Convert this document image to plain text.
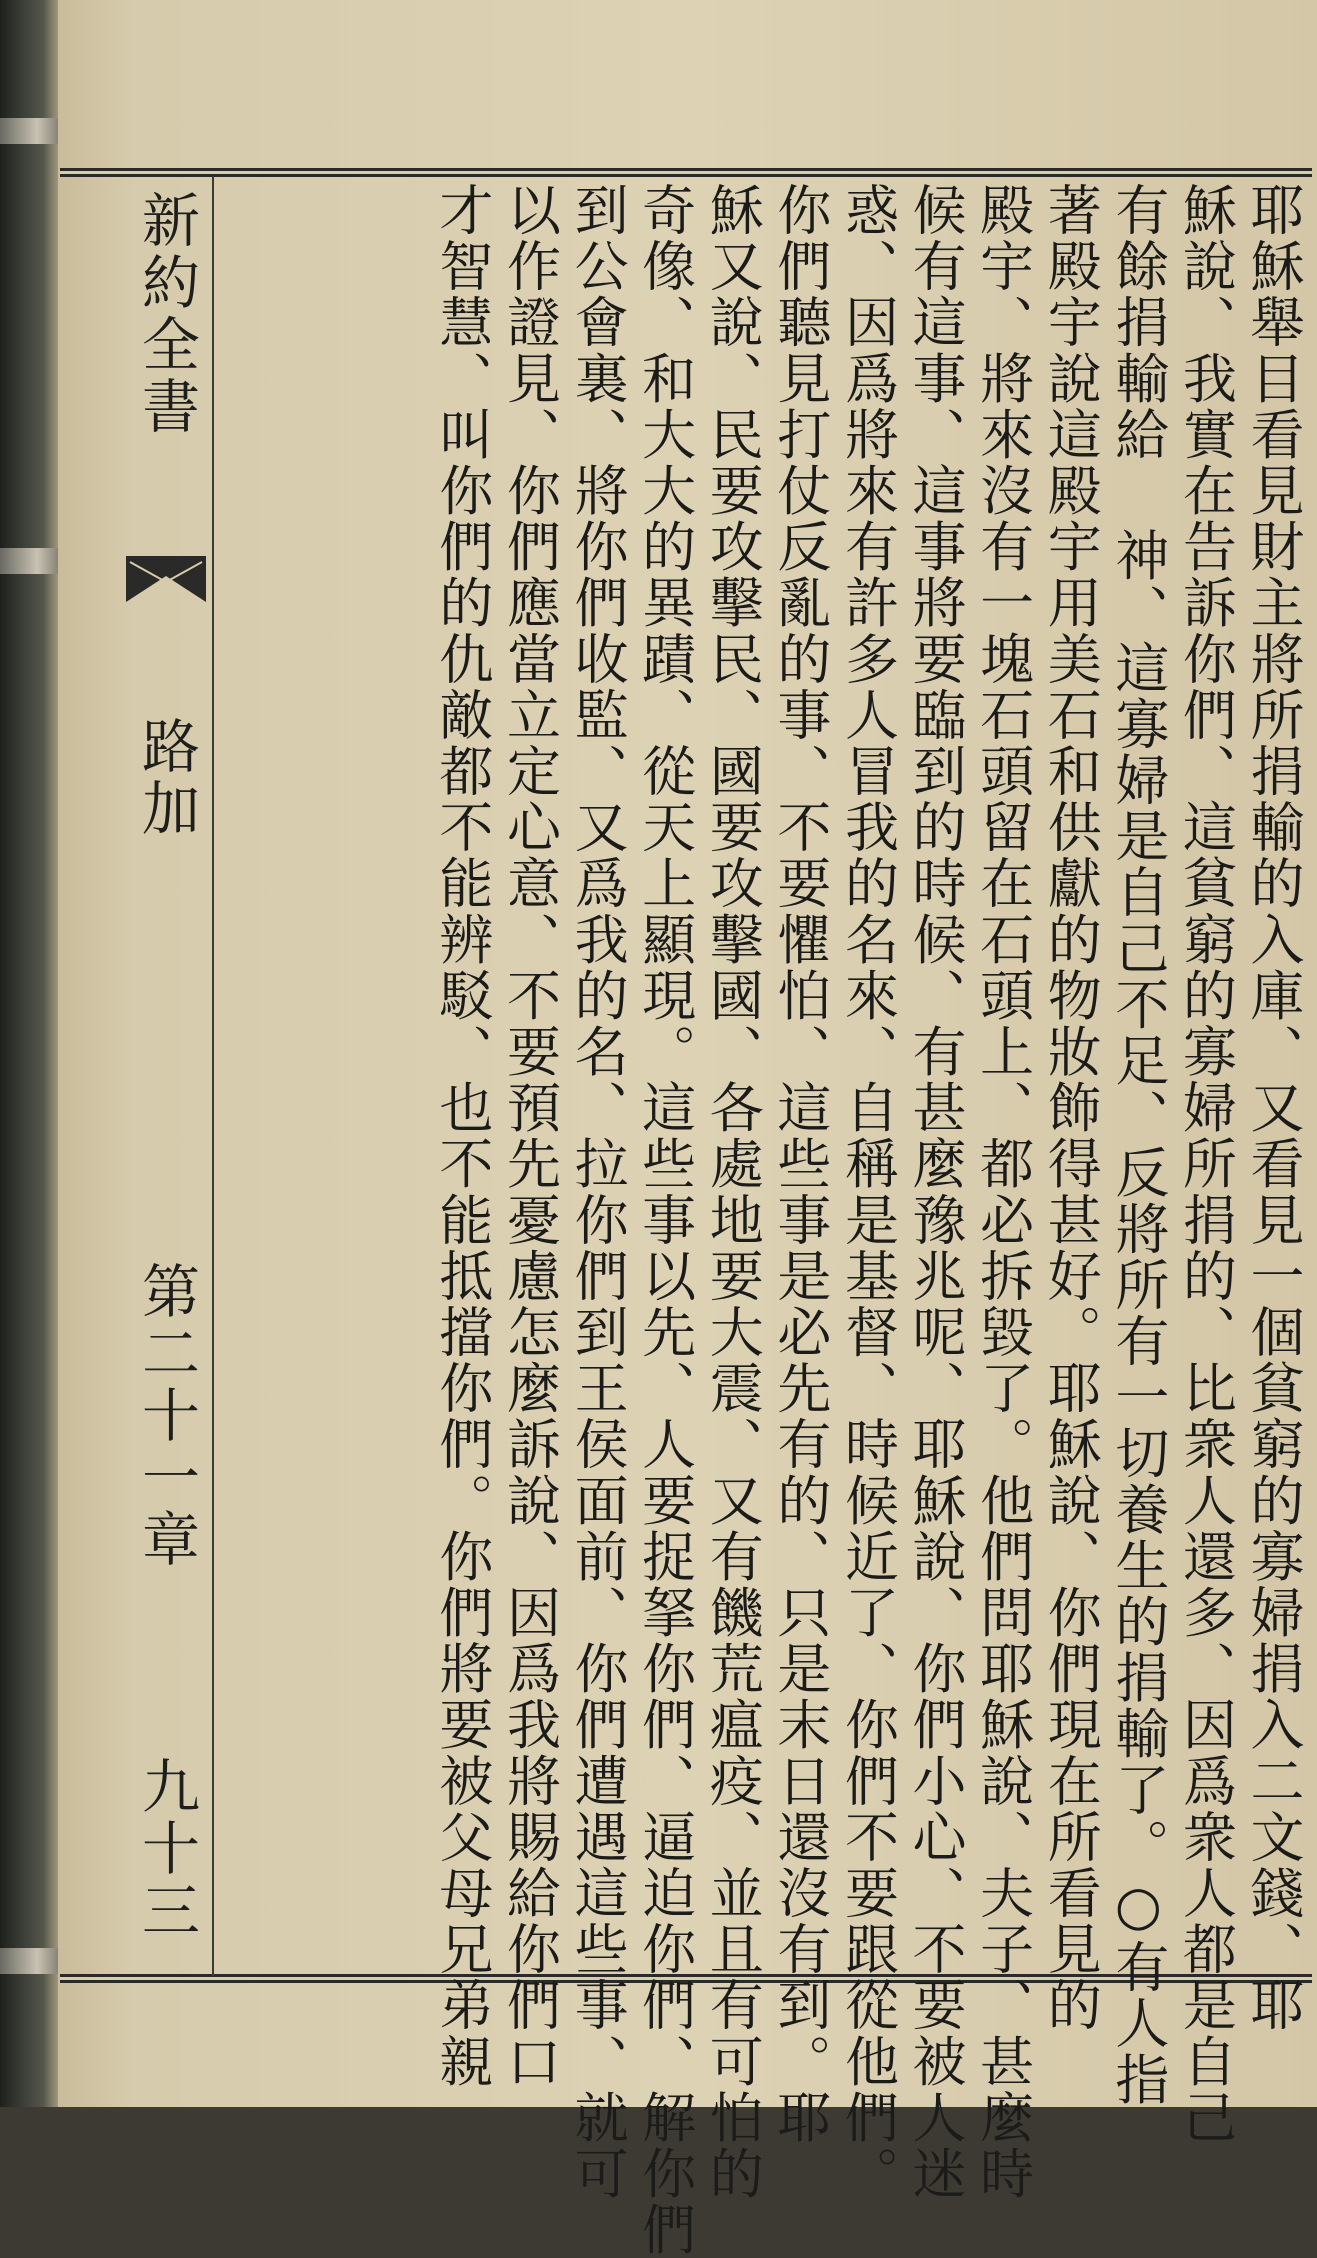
新約全書
路加
第二十一章
九十三	耶穌舉目看見財主將所捐輸的入庫、又看見一個貧窮的寡婦捐入二文錢、耶
穌說、我實在告訴你們、這貧窮的寡婦所捐的、比衆人還多、因爲衆人都是自己
有餘捐輸給 神、這寡婦是自己不足、反將所有一切養生的捐輸了。○有人指
著殿宇說這殿宇用美石和供獻的物妝飾得甚好。耶穌說、你們現在所看見的
殿宇、將來沒有一塊石頭留在石頭上、都必拆毀了。他們問耶穌說、夫子、甚麼時
候有這事、這事將要臨到的時候、有甚麼豫兆呢、耶穌說、你們小心、不要被人迷
惑、因爲將來有許多人冒我的名來、自稱是基督、時候近了、你們不要跟從他們。
你們聽見打仗反亂的事、不要懼怕、這些事是必先有的、只是末日還沒有到。耶
穌又說、民要攻擊民、國要攻擊國、各處地要大震、又有饑荒瘟疫、並且有可怕的
奇像、和大大的異蹟、從天上顯現。這些事以先、人要捉拏你們、逼迫你們、解你們
到公會裏、將你們收監、又爲我的名、拉你們到王侯面前、你們遭遇這些事、就可
以作證見、你們應當立定心意、不要預先憂慮怎麼訴說、因爲我將賜給你們口
才智慧、叫你們的仇敵都不能辨駁、也不能抵擋你們。你們將要被父母兄弟親
